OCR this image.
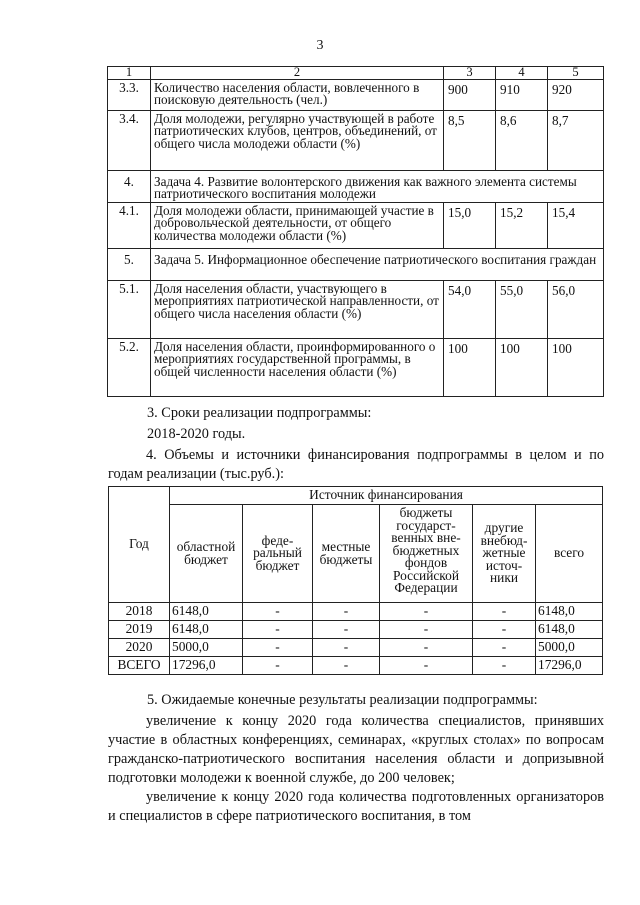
3
1	2	3	4	5
3.3.	Количество населения области, вовлеченного в поисковую деятельность (чел.)	900	910	920
3.4.	Доля молодежи, регулярно участвующей в работе патриотических клубов, центров, объединений, от общего числа молодежи области (%)	8,5	8,6	8,7
4.	Задача 4. Развитие волонтерского движения как важного элемента системы патриотического воспитания молодежи			
4.1.	Доля молодежи области, принимающей участие в добровольческой деятельности, от общего количества молодежи области (%)	15,0	15,2	15,4
5.	Задача 5. Информационное обеспечение патриотического воспитания граждан			
5.1.	Доля населения области, участвующего в мероприятиях патриотической направленности, от общего числа населения области (%)	54,0	55,0	56,0
5.2.	Доля населения области, проинформированного о мероприятиях государственной программы, в общей численности населения области (%)	100	100	100
3. Сроки реализации подпрограммы:
2018-2020 годы.
4. Объемы и источники финансирования подпрограммы в целом и по годам реализации (тыс.руб.):
Год	Источник финансирования					
	областной бюджет	феде-ральный бюджет	местные бюджеты	бюджеты государст-венных вне-бюджетных фондов Российской Федерации	другие внебюд-жетные источ-ники	всего
2018	6148,0	-	-	-	-	6148,0
2019	6148,0	-	-	-	-	6148,0
2020	5000,0	-	-	-	-	5000,0
ВСЕГО	17296,0	-	-	-	-	17296,0
5. Ожидаемые конечные результаты реализации подпрограммы:
увеличение к концу 2020 года количества специалистов, принявших участие в областных конференциях, семинарах, «круглых столах» по вопросам гражданско-патриотического воспитания населения области и допризывной подготовки молодежи к военной службе, до 200 человек;
увеличение к концу 2020 года количества подготовленных организаторов и специалистов в сфере патриотического воспитания, в том
